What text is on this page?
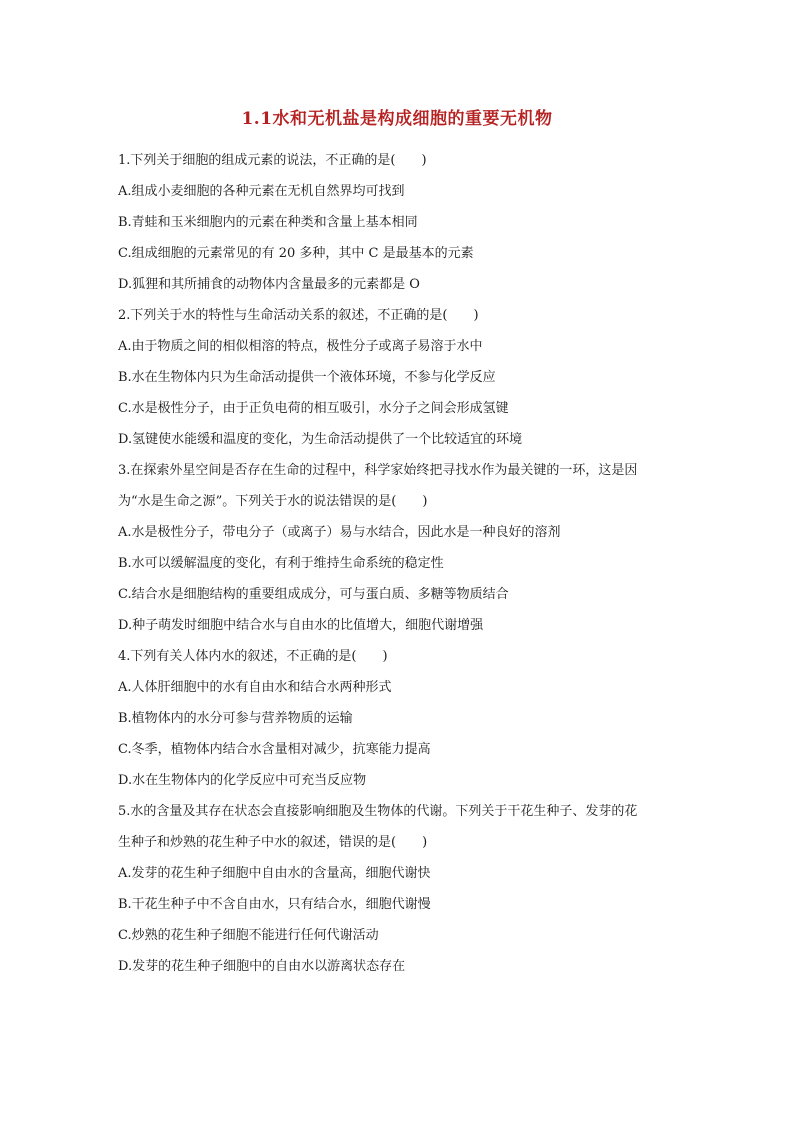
1.1水和无机盐是构成细胞的重要无机物
1.下列关于细胞的组成元素的说法，不正确的是(　　)
A.组成小麦细胞的各种元素在无机自然界均可找到
B.青蛙和玉米细胞内的元素在种类和含量上基本相同
C.组成细胞的元素常见的有 20 多种，其中 C 是最基本的元素
D.狐狸和其所捕食的动物体内含量最多的元素都是 O
2.下列关于水的特性与生命活动关系的叙述，不正确的是(　　)
A.由于物质之间的相似相溶的特点，极性分子或离子易溶于水中
B.水在生物体内只为生命活动提供一个液体环境，不参与化学反应
C.水是极性分子，由于正负电荷的相互吸引，水分子之间会形成氢键
D.氢键使水能缓和温度的变化，为生命活动提供了一个比较适宜的环境
3.在探索外星空间是否存在生命的过程中，科学家始终把寻找水作为最关键的一环，这是因
为“水是生命之源”。下列关于水的说法错误的是(　　)
A.水是极性分子，带电分子（或离子）易与水结合，因此水是一种良好的溶剂
B.水可以缓解温度的变化，有利于维持生命系统的稳定性
C.结合水是细胞结构的重要组成成分，可与蛋白质、多糖等物质结合
D.种子萌发时细胞中结合水与自由水的比值增大，细胞代谢增强
4.下列有关人体内水的叙述，不正确的是(　　)
A.人体肝细胞中的水有自由水和结合水两种形式
B.植物体内的水分可参与营养物质的运输
C.冬季，植物体内结合水含量相对减少，抗寒能力提高
D.水在生物体内的化学反应中可充当反应物
5.水的含量及其存在状态会直接影响细胞及生物体的代谢。下列关于干花生种子、发芽的花
生种子和炒熟的花生种子中水的叙述，错误的是(　　)
A.发芽的花生种子细胞中自由水的含量高，细胞代谢快
B.干花生种子中不含自由水，只有结合水，细胞代谢慢
C.炒熟的花生种子细胞不能进行任何代谢活动
D.发芽的花生种子细胞中的自由水以游离状态存在
